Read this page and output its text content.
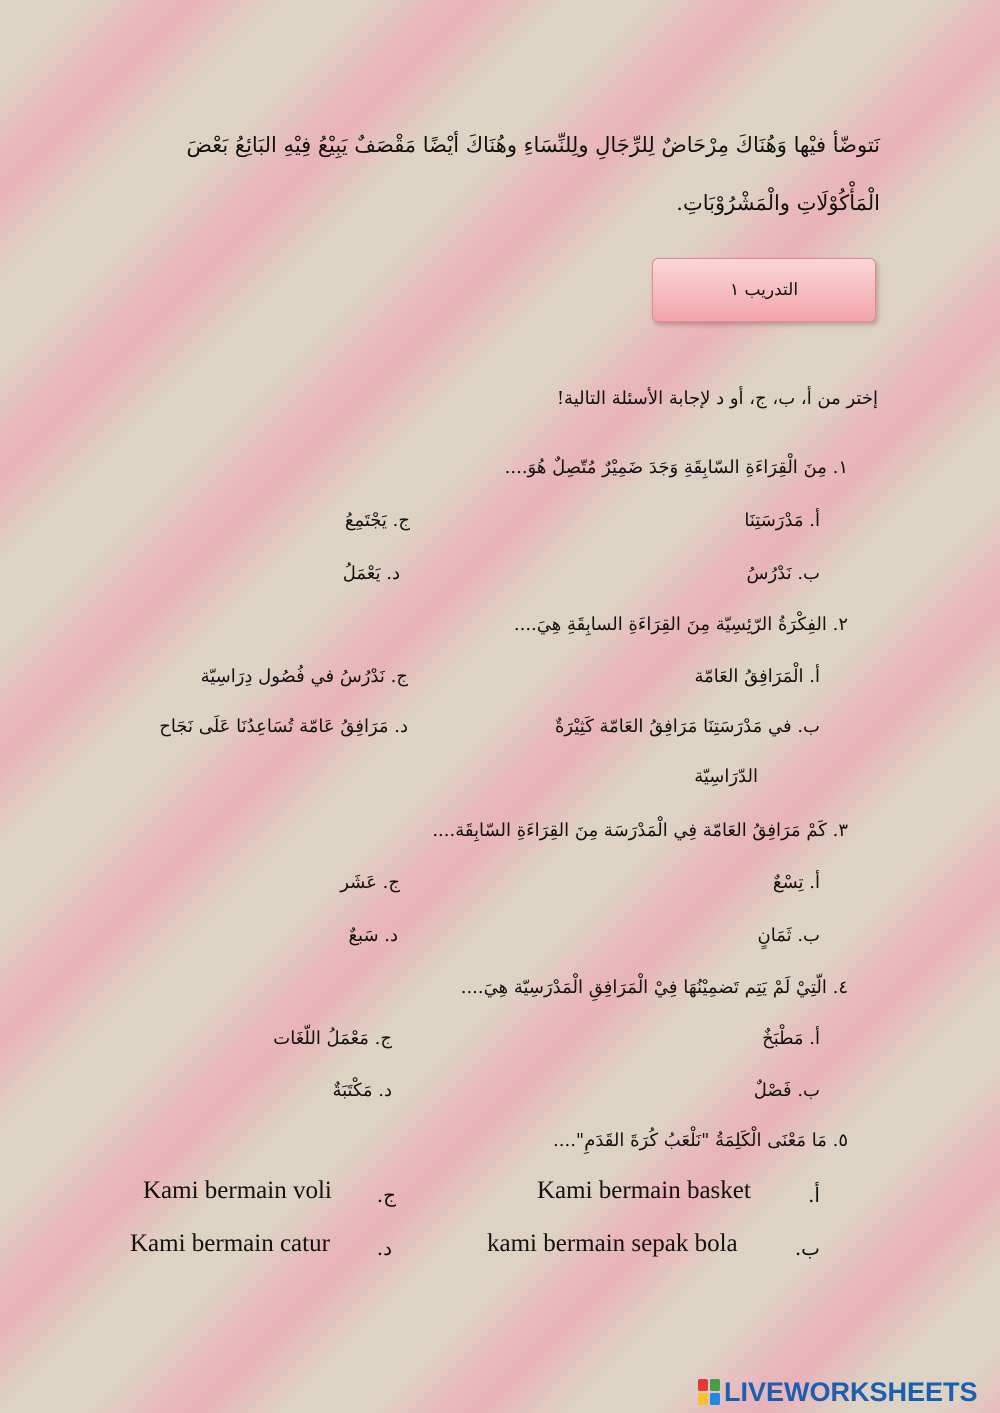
نَتوضّأ فيْها وَهُنَاكَ مِرْحَاضٌ لِلرِّجَالِ ولِلنِّسَاءِ وهُنَاكَ أيْضًا مَقْصَفٌ يَبِيْعُ فِيْهِ البَائِعُ بَعْضَ
الْمَأْكُوْلَاتِ والْمَشْرُوْبَاتِ.
التدريب ١
إختر من أ، ب، ج، أو د لإجابة الأسئلة التالية!
١. مِنَ الْقِرَاءَةِ السّابِقَةِ وَجَدَ ضَمِيْرٌ مُتّصِلٌ هُوَ....
أ. مَدْرَسَتِنَا
ب. نَدْرُسُ
ج. يَجْتَمِعُ
د. يَعْمَلُ
٢. الفِكْرَةُ الرّئِسِيّة مِنَ القِرَاءَةِ السابِقَةِ هِيَ....
أ. الْمَرَافِقُ العَامّة
ب. في مَدْرَسَتِنَا مَرَافِقُ العَامّة كَثِيْرَةٌ
الدّرَاسِيّة
ج. نَدْرُسُ في فُصُول دِرَاسِيّة
د. مَرَافِقُ عَامّة تُسَاعِدُنَا عَلَى نَجَاح
٣. كَمْ مَرَافِقُ العَامّة فِي الْمَدْرَسَة مِنَ القِرَاءَةِ السّابِقَة....
أ. تِسْعٌ
ب. ثَمَانٍ
ج. عَشَر
د. سَبعٌ
٤. الّتِيْ لَمْ يَتِم تَضمِيْنُهَا فِيْ الْمَرَافِقِ الْمَدْرَسِيّة هِيَ....
أ. مَطْبَخٌ
ب. فَصْلٌ
ج. مَعْمَلُ اللّغَات
د. مَكْتَبَةٌ
٥. مَا مَعْنَى الْكَلِمَةُ "نَلْعَبُ كُرَةَ القَدَمِ"....
أ.
Kami bermain basket
ب.
kami bermain sepak bola
ج.
Kami bermain voli
د.
Kami bermain catur
LIVEWORKSHEETS
